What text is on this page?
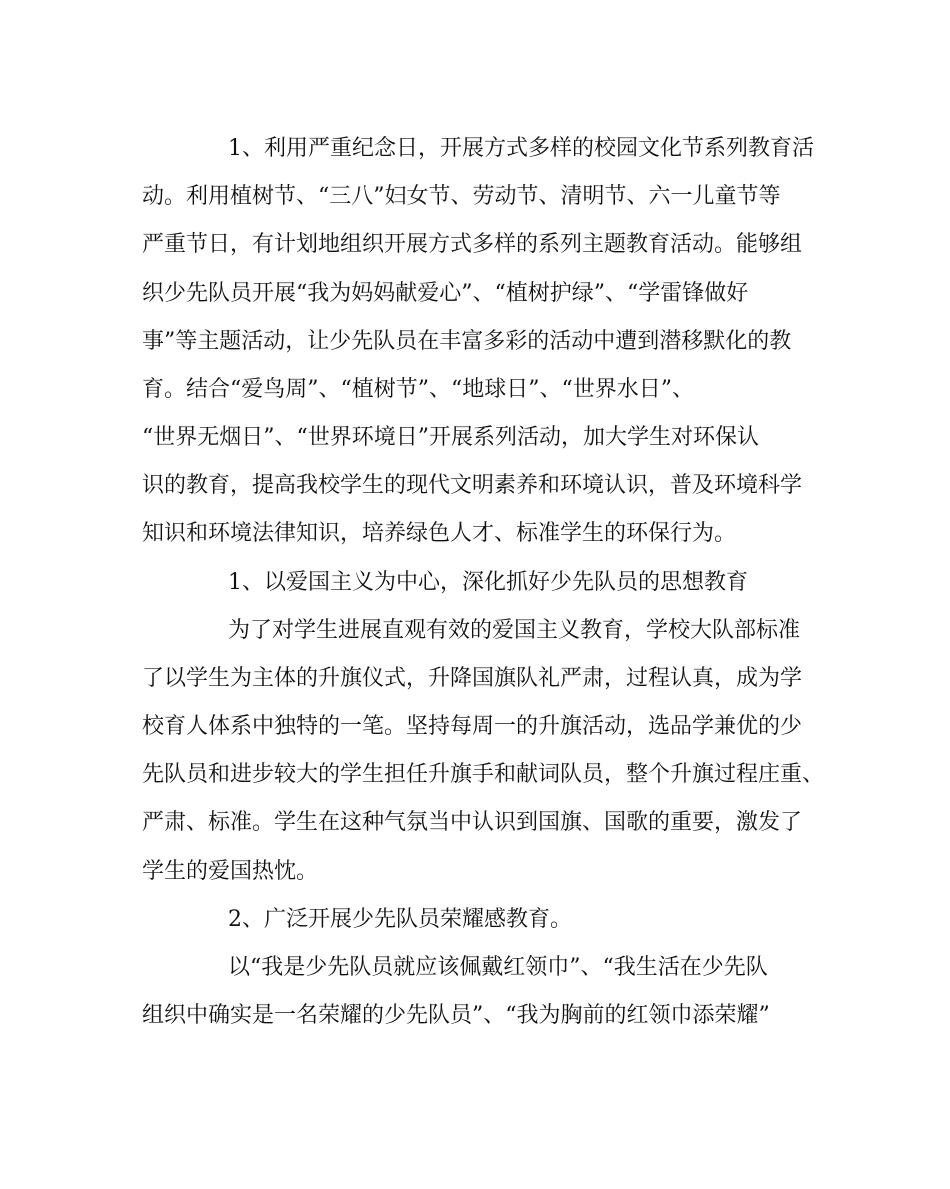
1、利用严重纪念日，开展方式多样的校园文化节系列教育活
动。利用植树节、“三八”妇女节、劳动节、清明节、六一儿童节等
严重节日，有计划地组织开展方式多样的系列主题教育活动。能够组
织少先队员开展“我为妈妈献爱心”、“植树护绿”、“学雷锋做好
事”等主题活动，让少先队员在丰富多彩的活动中遭到潜移默化的教
育。结合“爱鸟周”、“植树节”、“地球日”、“世界水日”、
“世界无烟日”、“世界环境日”开展系列活动，加大学生对环保认
识的教育，提高我校学生的现代文明素养和环境认识，普及环境科学
知识和环境法律知识，培养绿色人才、标准学生的环保行为。
1、以爱国主义为中心，深化抓好少先队员的思想教育
为了对学生进展直观有效的爱国主义教育，学校大队部标准
了以学生为主体的升旗仪式，升降国旗队礼严肃，过程认真，成为学
校育人体系中独特的一笔。坚持每周一的升旗活动，选品学兼优的少
先队员和进步较大的学生担任升旗手和献词队员，整个升旗过程庄重、
严肃、标准。学生在这种气氛当中认识到国旗、国歌的重要，激发了
学生的爱国热忱。
2、广泛开展少先队员荣耀感教育。
以“我是少先队员就应该佩戴红领巾”、“我生活在少先队
组织中确实是一名荣耀的少先队员”、“我为胸前的红领巾添荣耀”
